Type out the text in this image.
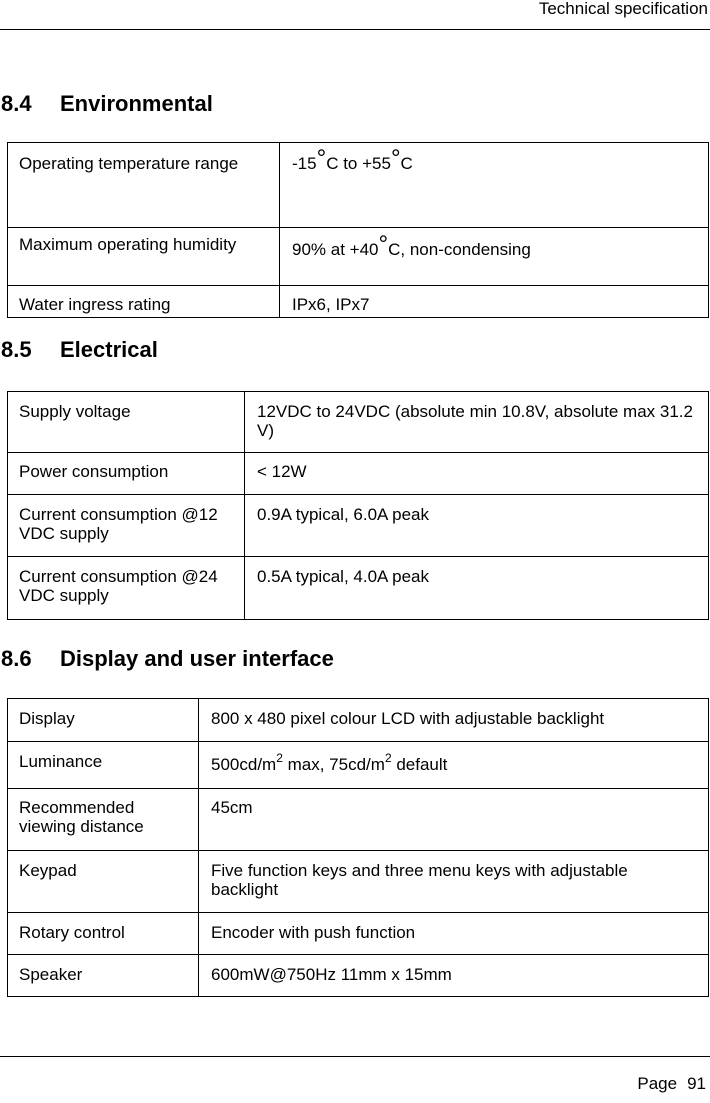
Technical specification
8.4 Environmental
Operating temperature range	-15°C to +55°C
Maximum operating humidity	90% at +40°C, non-condensing
Water ingress rating	IPx6, IPx7
8.5 Electrical
Supply voltage	12VDC to 24VDC (absolute min 10.8V, absolute max 31.2 V)
Power consumption	< 12W
Current consumption @12 VDC supply	0.9A typical, 6.0A peak
Current consumption @24 VDC supply	0.5A typical, 4.0A peak
8.6 Display and user interface
Display	800 x 480 pixel colour LCD with adjustable backlight
Luminance	$500cd/m^2$ max, $75cd/m^2$ default
Recommended viewing distance	45cm
Keypad	Five function keys and three menu keys with adjustable backlight
Rotary control	Encoder with push function
Speaker	600mW@750Hz 11mm x 15mm
Page 91
